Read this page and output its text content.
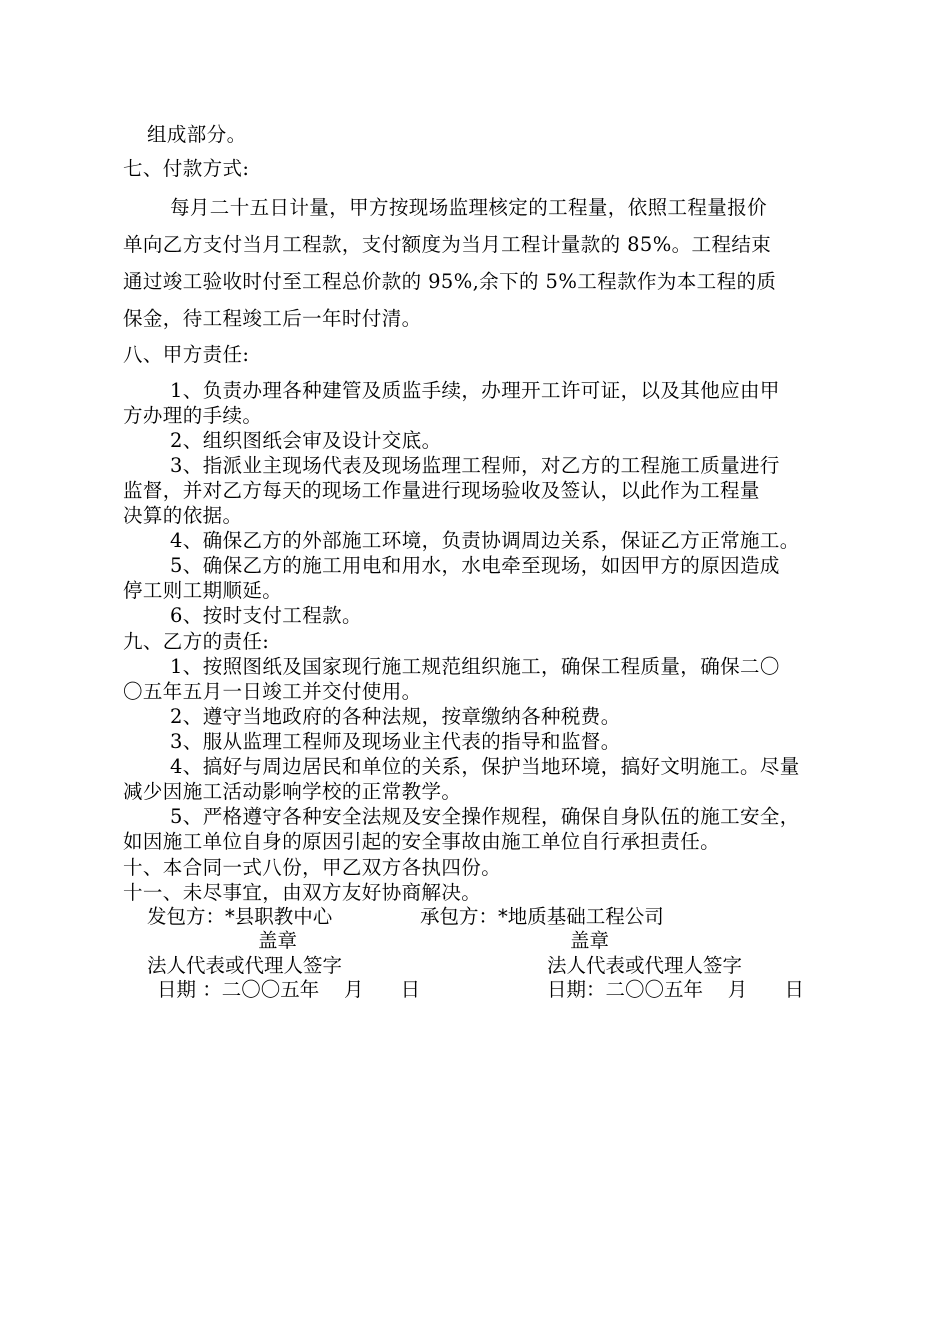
组成部分。
七、付款方式:
每月二十五日计量，甲方按现场监理核定的工程量，依照工程量报价
单向乙方支付当月工程款，支付额度为当月工程计量款的 85%。工程结束
通过竣工验收时付至工程总价款的 95%,余下的 5%工程款作为本工程的质
保金，待工程竣工后一年时付清。
八、甲方责任:
1、负责办理各种建管及质监手续，办理开工许可证，以及其他应由甲
方办理的手续。
2、组织图纸会审及设计交底。
3、指派业主现场代表及现场监理工程师，对乙方的工程施工质量进行
监督，并对乙方每天的现场工作量进行现场验收及签认，以此作为工程量
决算的依据。
4、确保乙方的外部施工环境，负责协调周边关系，保证乙方正常施工。
5、确保乙方的施工用电和用水，水电牵至现场，如因甲方的原因造成
停工则工期顺延。
6、按时支付工程款。
九、乙方的责任:
1、按照图纸及国家现行施工规范组织施工，确保工程质量，确保二〇
〇五年五月一日竣工并交付使用。
2、遵守当地政府的各种法规，按章缴纳各种税费。
3、服从监理工程师及现场业主代表的指导和监督。
4、搞好与周边居民和单位的关系，保护当地环境，搞好文明施工。尽量
减少因施工活动影响学校的正常教学。
5、严格遵守各种安全法规及安全操作规程，确保自身队伍的施工安全，
如因施工单位自身的原因引起的安全事故由施工单位自行承担责任。
十、本合同一式八份，甲乙双方各执四份。
十一、未尽事宜，由双方友好协商解决。
发包方：*县职教中心	承包方：*地质基础工程公司
盖章	盖章
法人代表或代理人签字	法人代表或代理人签字
日期 ：二〇〇五年    月      日	日期：二〇〇五年    月      日
